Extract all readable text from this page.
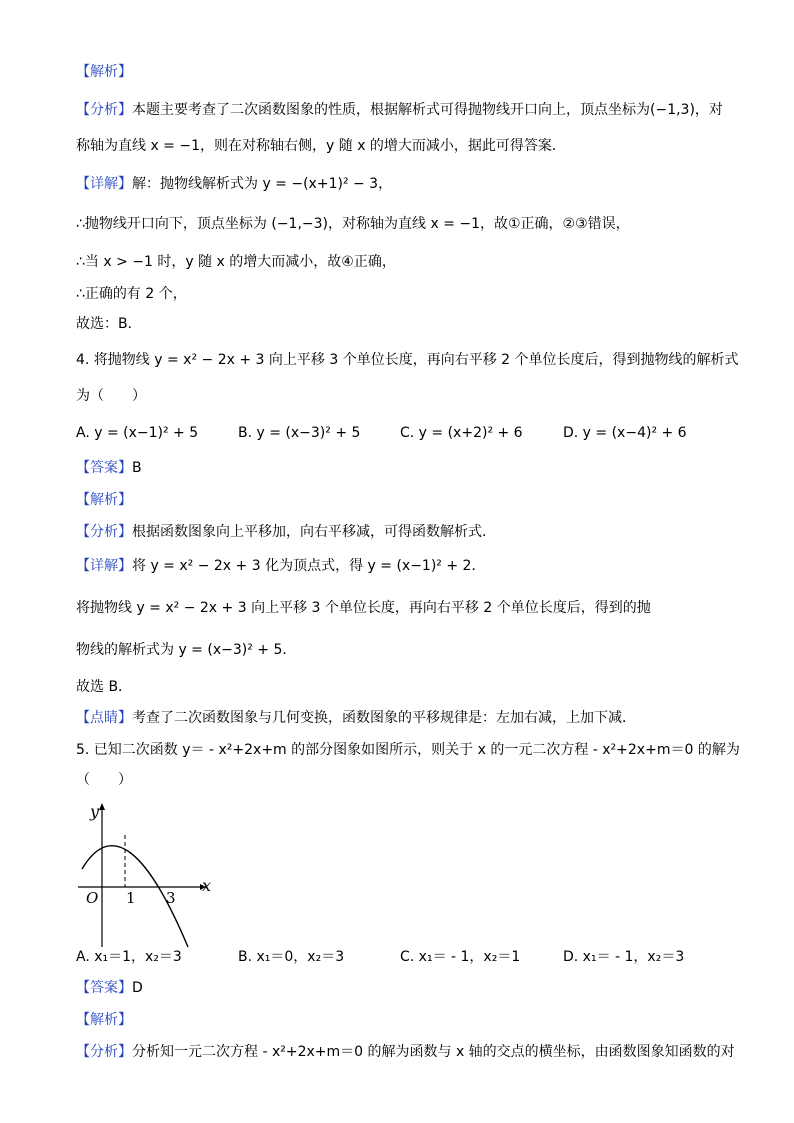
【解析】
【分析】本题主要考查了二次函数图象的性质，根据解析式可得抛物线开口向上，顶点坐标为(−1,3)，对
称轴为直线 x = −1，则在对称轴右侧，y 随 x 的增大而减小，据此可得答案．
【详解】解：抛物线解析式为 y = −(x+1)² − 3，
∴抛物线开口向下，顶点坐标为 (−1,−3)，对称轴为直线 x = −1，故①正确，②③错误，
∴当 x > −1 时，y 随 x 的增大而减小，故④正确，
∴正确的有 2 个，
故选：B．
4. 将抛物线 y = x² − 2x + 3 向上平移 3 个单位长度，再向右平移 2 个单位长度后，得到抛物线的解析式
为（　　）
A. y = (x−1)² + 5	B. y = (x−3)² + 5	C. y = (x+2)² + 6	D. y = (x−4)² + 6
【答案】B
【解析】
【分析】根据函数图象向上平移加，向右平移减，可得函数解析式．
【详解】将 y = x² − 2x + 3 化为顶点式，得 y = (x−1)² + 2．
将抛物线 y = x² − 2x + 3 向上平移 3 个单位长度，再向右平移 2 个单位长度后，得到的抛
物线的解析式为 y = (x−3)² + 5．
故选 B．
【点睛】考查了二次函数图象与几何变换，函数图象的平移规律是：左加右减，上加下减．
5. 已知二次函数 y＝ - x²+2x+m 的部分图象如图所示，则关于 x 的一元二次方程 - x²+2x+m＝0 的解为
（　　）
y
x
O 1 3
A. x₁＝1，x₂＝3	B. x₁＝0，x₂＝3	C. x₁＝ - 1，x₂＝1	D. x₁＝ - 1，x₂＝3
【答案】D
【解析】
【分析】分析知一元二次方程 - x²+2x+m＝0 的解为函数与 x 轴的交点的横坐标，由函数图象知函数的对
